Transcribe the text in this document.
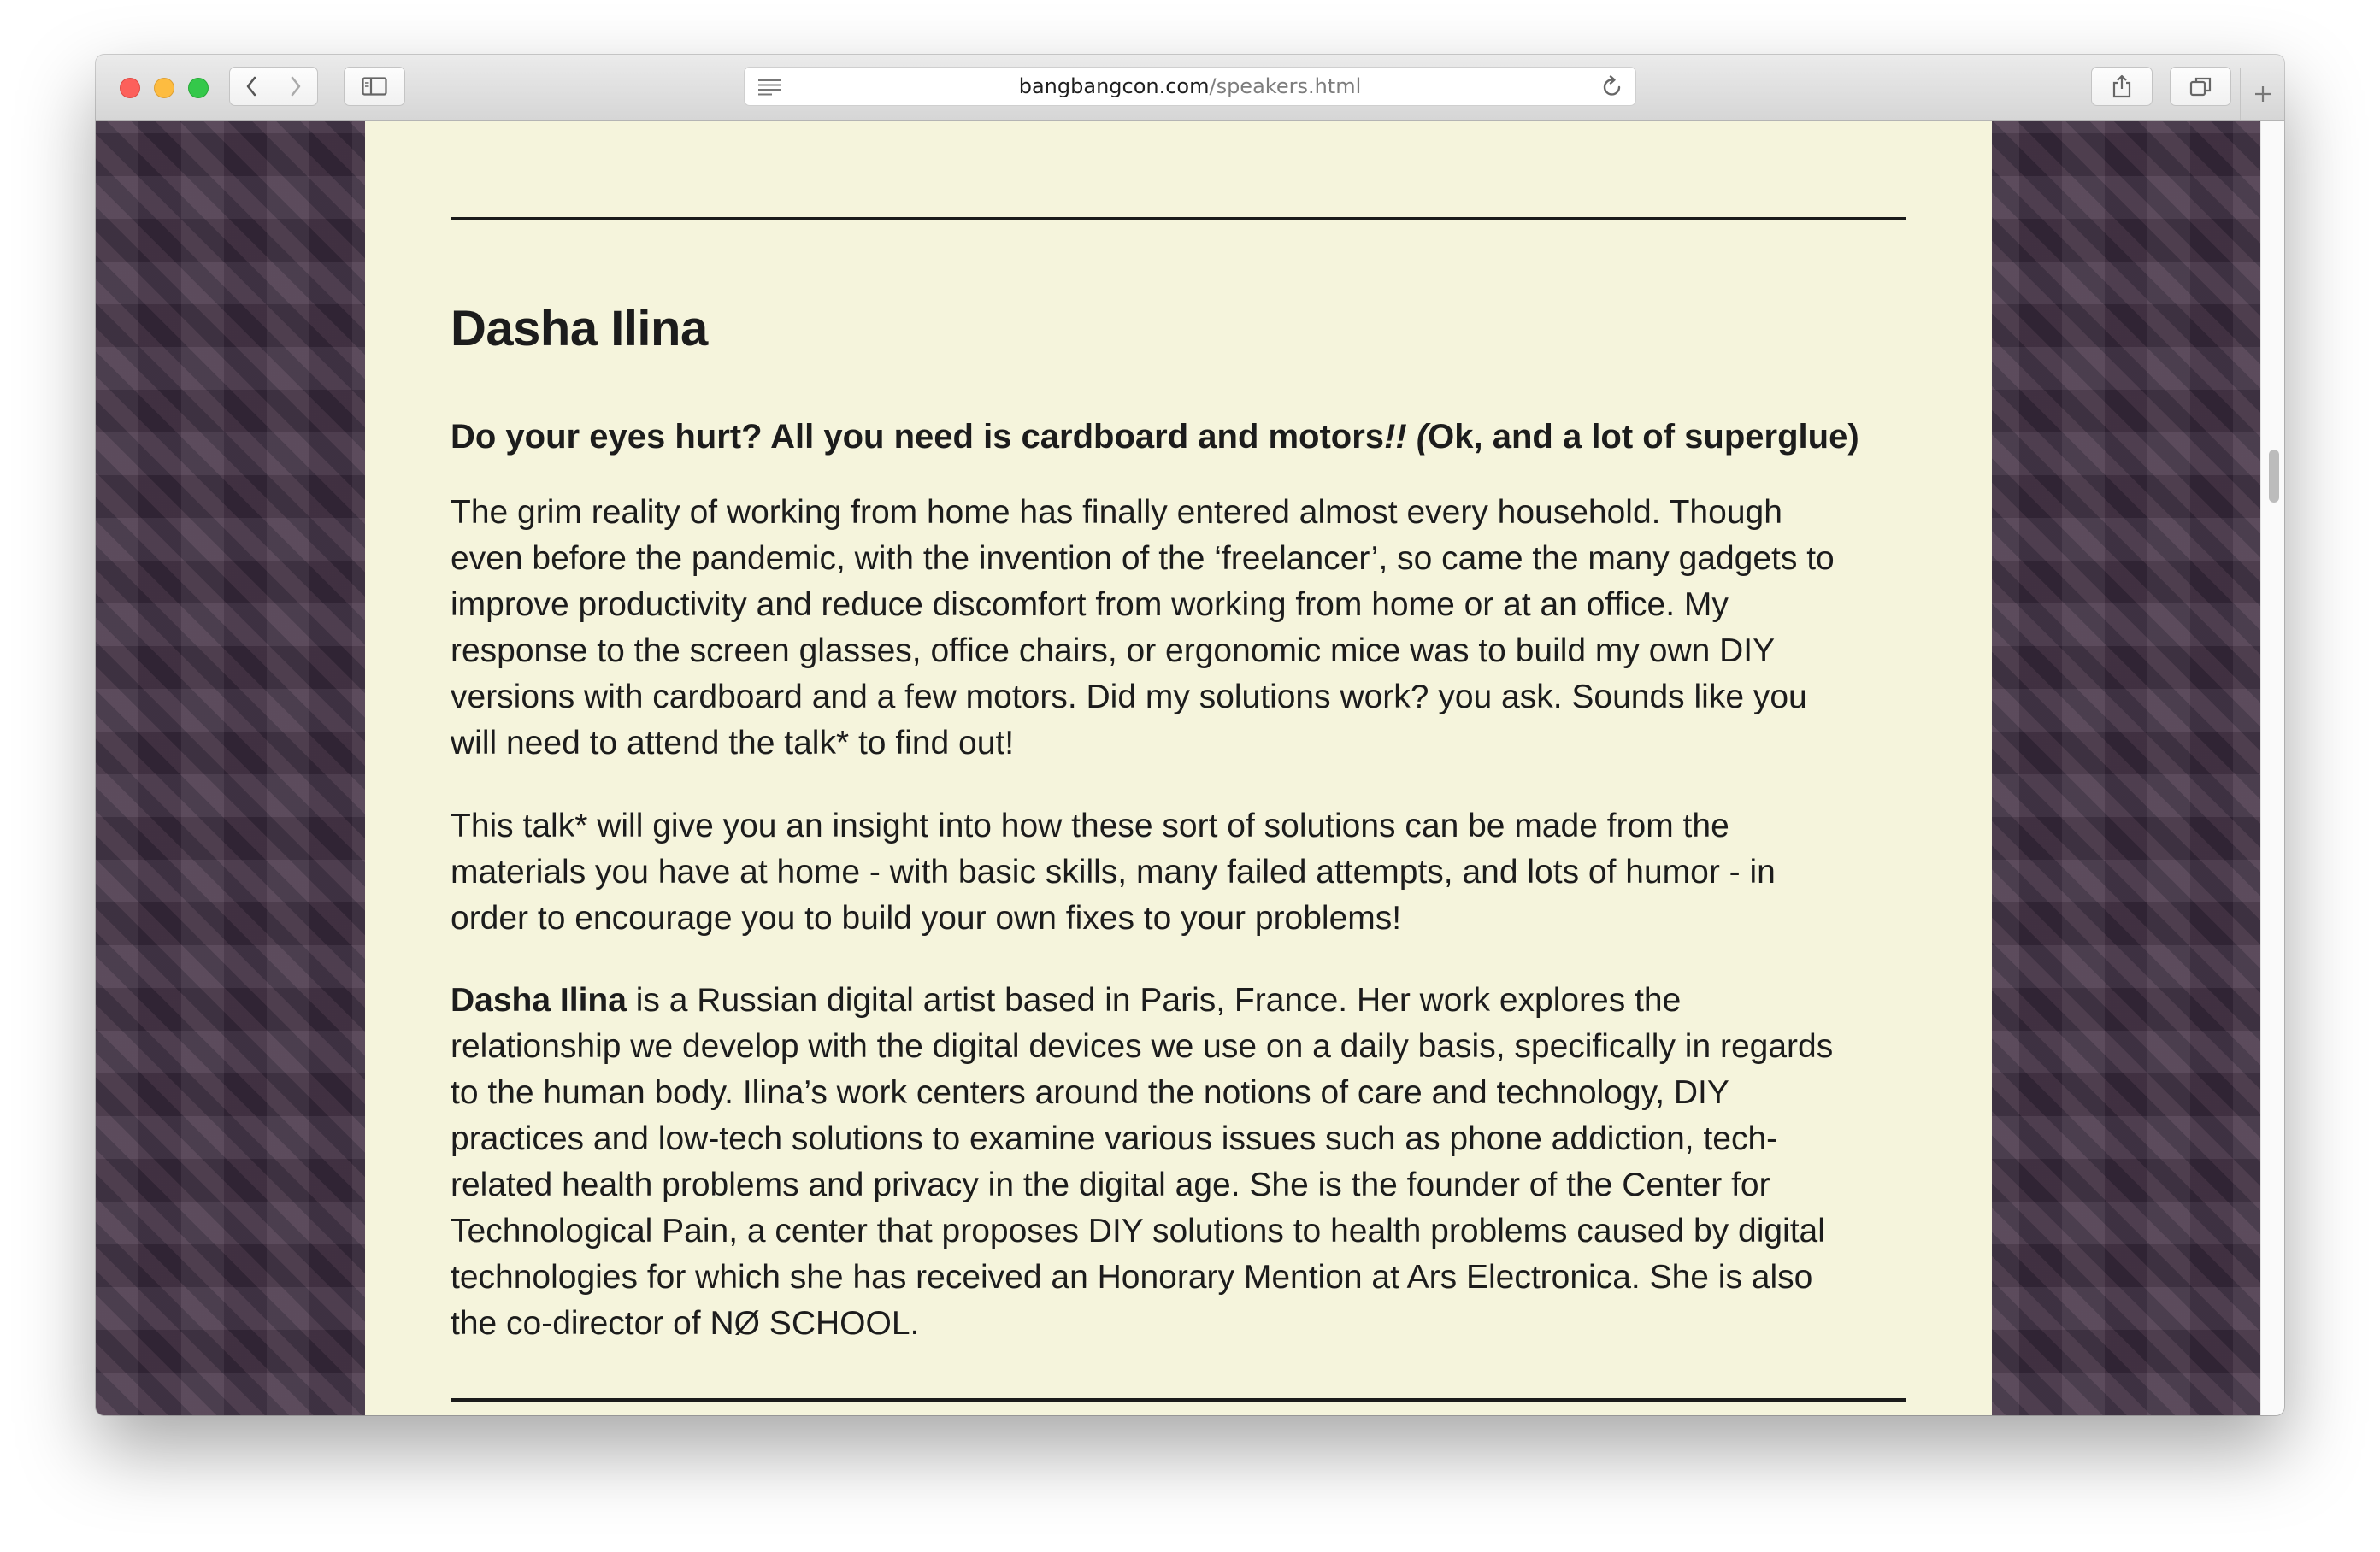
bangbangcon.com /speakers.html
Dasha Ilina

Do your eyes hurt? All you need is cardboard and motors!! (Ok, and a lot of superglue)

The grim reality of working from home has finally entered almost every household. Though
even before the pandemic, with the invention of the ‘freelancer’, so came the many gadgets to
improve productivity and reduce discomfort from working from home or at an office. My
response to the screen glasses, office chairs, or ergonomic mice was to build my own DIY
versions with cardboard and a few motors. Did my solutions work? you ask. Sounds like you
will need to attend the talk* to find out!

This talk* will give you an insight into how these sort of solutions can be made from the
materials you have at home - with basic skills, many failed attempts, and lots of humor - in
order to encourage you to build your own fixes to your problems!

Dasha Ilina is a Russian digital artist based in Paris, France. Her work explores the
relationship we develop with the digital devices we use on a daily basis, specifically in regards
to the human body. Ilina’s work centers around the notions of care and technology, DIY
practices and low-tech solutions to examine various issues such as phone addiction, tech-
related health problems and privacy in the digital age. She is the founder of the Center for
Technological Pain, a center that proposes DIY solutions to health problems caused by digital
technologies for which she has received an Honorary Mention at Ars Electronica. She is also
the co-director of NØ SCHOOL.
